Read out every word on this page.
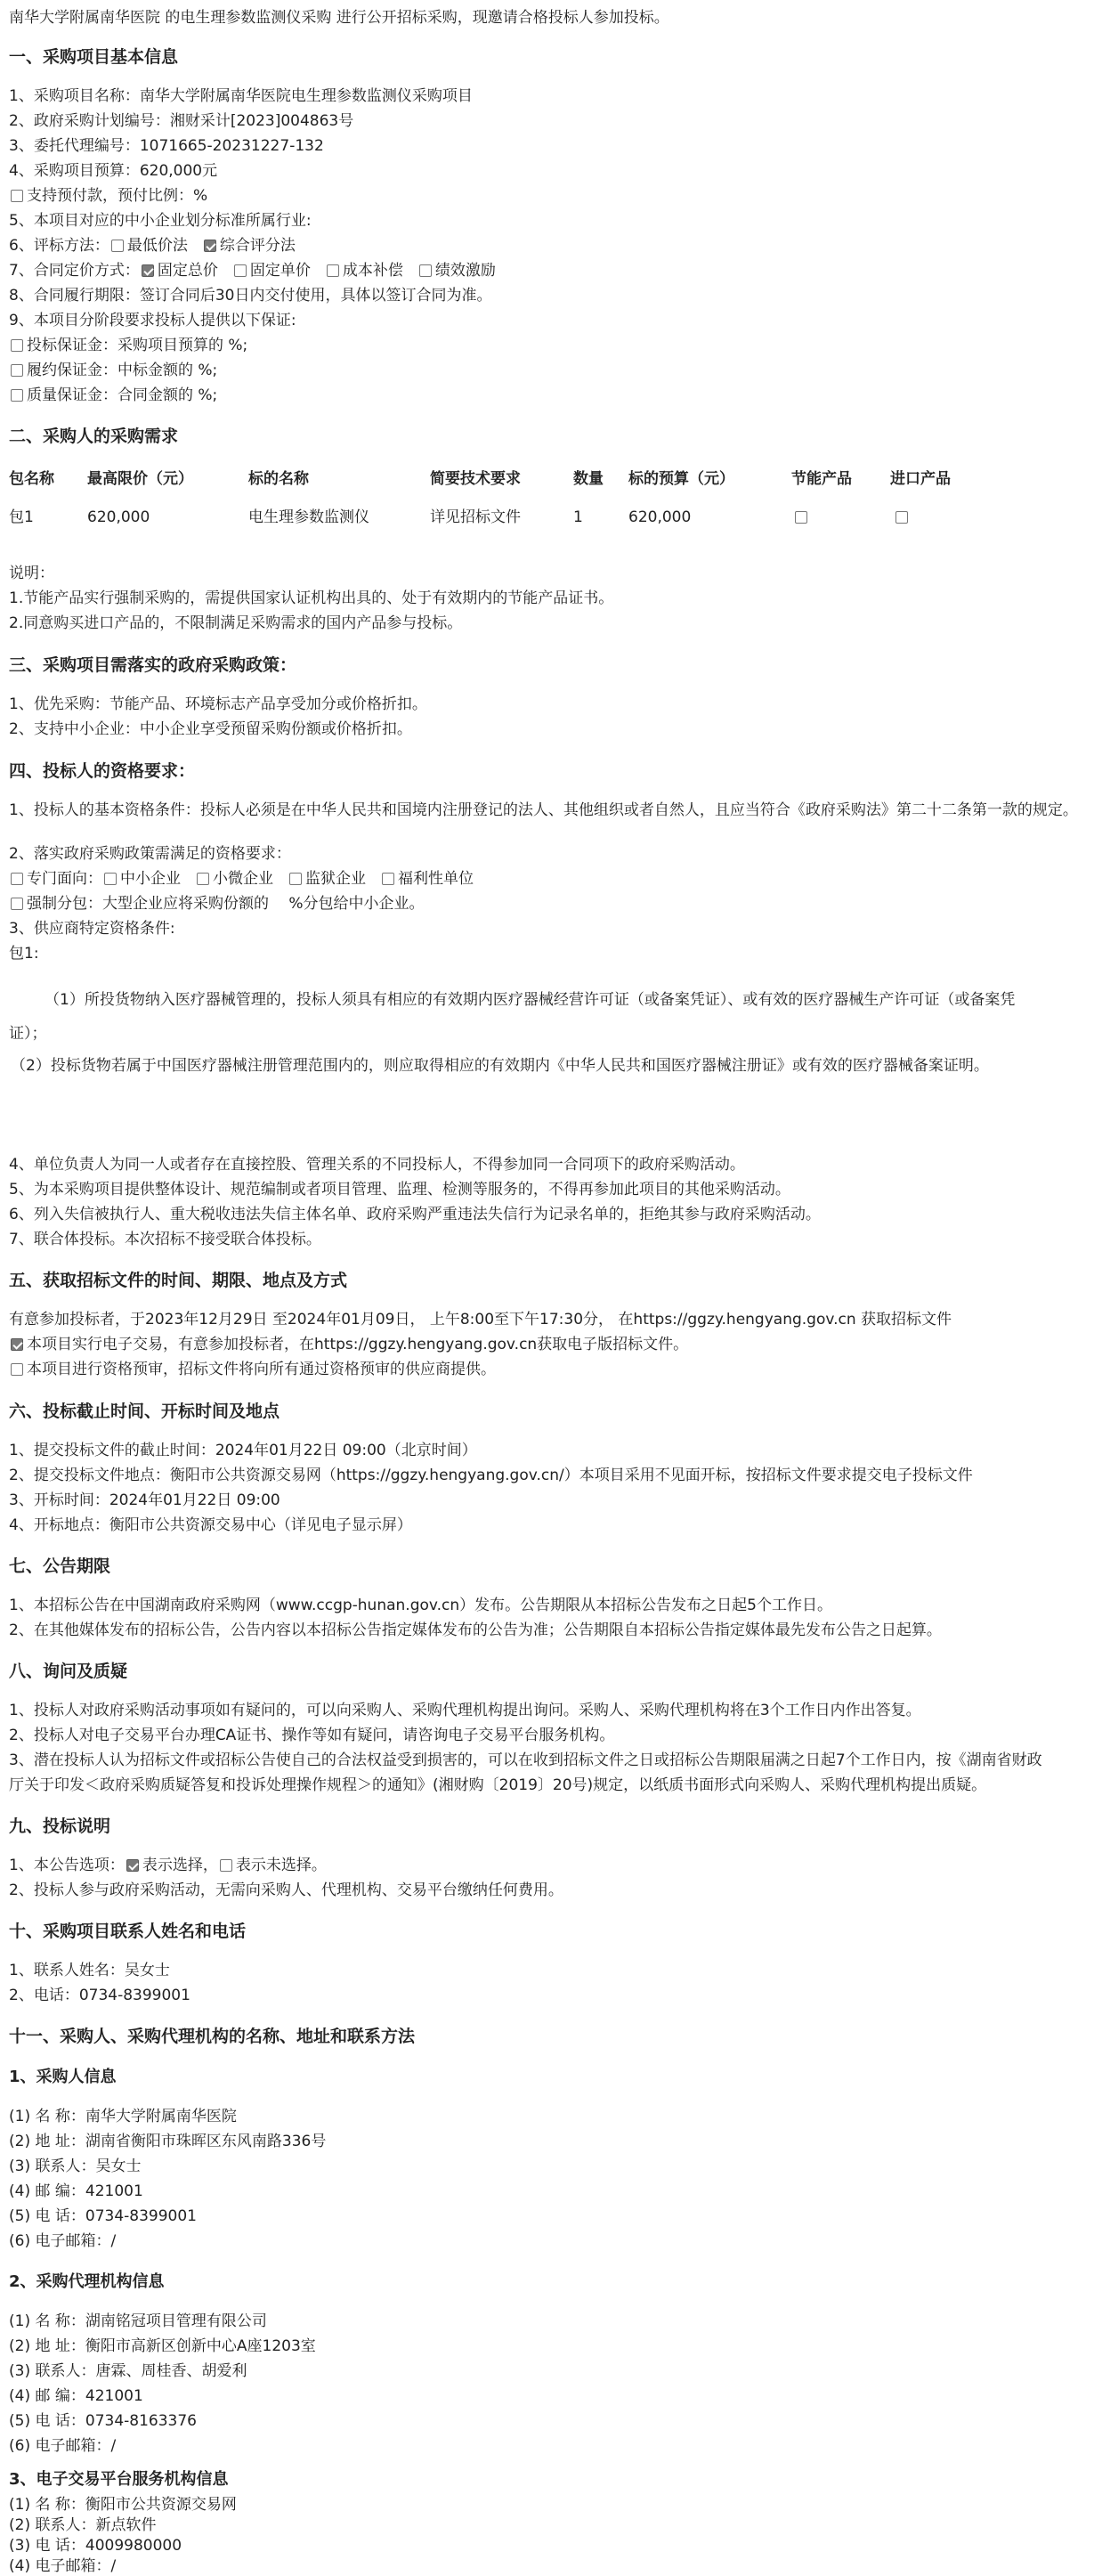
南华大学附属南华医院 的电生理参数监测仪采购 进行公开招标采购，现邀请合格投标人参加投标。
一、采购项目基本信息
1、采购项目名称：南华大学附属南华医院电生理参数监测仪采购项目
2、政府采购计划编号：湘财采计[2023]004863号
3、委托代理编号：1071665-20231227-132
4、采购项目预算：620,000元
支持预付款，预付比例：%
5、本项目对应的中小企业划分标准所属行业:
6、评标方法： 最低价法 综合评分法
7、合同定价方式： 固定总价 固定单价 成本补偿 绩效激励
8、合同履行期限：签订合同后30日内交付使用，具体以签订合同为准。
9、本项目分阶段要求投标人提供以下保证:
投标保证金：采购项目预算的 %;
履约保证金：中标金额的 %;
质量保证金：合同金额的 %;
二、采购人的采购需求
包名称 最高限价（元）	标的名称	简要技术要求	数量 标的预算（元）	节能产品	进口产品
包1	620,000	电生理参数监测仪	详见招标文件	1	620,000
说明：
1.节能产品实行强制采购的，需提供国家认证机构出具的、处于有效期内的节能产品证书。
2.同意购买进口产品的，不限制满足采购需求的国内产品参与投标。
三、采购项目需落实的政府采购政策：
1、优先采购：节能产品、环境标志产品享受加分或价格折扣。
2、支持中小企业：中小企业享受预留采购份额或价格折扣。
四、投标人的资格要求：
1、投标人的基本资格条件：投标人必须是在中华人民共和国境内注册登记的法人、其他组织或者自然人，且应当符合《政府采购法》第二十二条第一款的规定。
2、落实政府采购政策需满足的资格要求：
专门面向： 中小企业 小微企业 监狱企业 福利性单位
强制分包：大型企业应将采购份额的　 %分包给中小企业。
3、供应商特定资格条件:
包1:
（1）所投货物纳入医疗器械管理的，投标人须具有相应的有效期内医疗器械经营许可证（或备案凭证）、或有效的医疗器械生产许可证（或备案凭
证）；
（2）投标货物若属于中国医疗器械注册管理范围内的，则应取得相应的有效期内《中华人民共和国医疗器械注册证》或有效的医疗器械备案证明。
4、单位负责人为同一人或者存在直接控股、管理关系的不同投标人，不得参加同一合同项下的政府采购活动。
5、为本采购项目提供整体设计、规范编制或者项目管理、监理、检测等服务的，不得再参加此项目的其他采购活动。
6、列入失信被执行人、重大税收违法失信主体名单、政府采购严重违法失信行为记录名单的，拒绝其参与政府采购活动。
7、联合体投标。本次招标不接受联合体投标。
五、获取招标文件的时间、期限、地点及方式
有意参加投标者，于2023年12月29日 至2024年01月09日， 上午8:00至下午17:30分， 在https://ggzy.hengyang.gov.cn 获取招标文件
本项目实行电子交易，有意参加投标者，在https://ggzy.hengyang.gov.cn获取电子版招标文件。
本项目进行资格预审，招标文件将向所有通过资格预审的供应商提供。
六、投标截止时间、开标时间及地点
1、提交投标文件的截止时间：2024年01月22日 09:00（北京时间）
2、提交投标文件地点：衡阳市公共资源交易网（https://ggzy.hengyang.gov.cn/）本项目采用不见面开标，按招标文件要求提交电子投标文件
3、开标时间：2024年01月22日 09:00
4、开标地点：衡阳市公共资源交易中心（详见电子显示屏）
七、公告期限
1、本招标公告在中国湖南政府采购网（www.ccgp-hunan.gov.cn）发布。公告期限从本招标公告发布之日起5个工作日。
2、在其他媒体发布的招标公告，公告内容以本招标公告指定媒体发布的公告为准；公告期限自本招标公告指定媒体最先发布公告之日起算。
八、询问及质疑
1、投标人对政府采购活动事项如有疑问的，可以向采购人、采购代理机构提出询问。采购人、采购代理机构将在3个工作日内作出答复。
2、投标人对电子交易平台办理CA证书、操作等如有疑问，请咨询电子交易平台服务机构。
3、潜在投标人认为招标文件或招标公告使自己的合法权益受到损害的，可以在收到招标文件之日或招标公告期限届满之日起7个工作日内，按《湖南省财政
厅关于印发＜政府采购质疑答复和投诉处理操作规程＞的通知》(湘财购〔2019〕20号)规定，以纸质书面形式向采购人、采购代理机构提出质疑。
九、投标说明
1、本公告选项： 表示选择， 表示未选择。
2、投标人参与政府采购活动，无需向采购人、代理机构、交易平台缴纳任何费用。
十、采购项目联系人姓名和电话
1、联系人姓名：吴女士
2、电话：0734-8399001
十一、采购人、采购代理机构的名称、地址和联系方法
1、采购人信息
(1) 名 称：南华大学附属南华医院
(2) 地 址：湖南省衡阳市珠晖区东风南路336号
(3) 联系人：吴女士
(4) 邮 编：421001
(5) 电 话：0734-8399001
(6) 电子邮箱：/
2、采购代理机构信息
(1) 名 称：湖南铭冠项目管理有限公司
(2) 地 址：衡阳市高新区创新中心A座1203室
(3) 联系人：唐霖、周桂香、胡爱利
(4) 邮 编：421001
(5) 电 话：0734-8163376
(6) 电子邮箱：/
3、电子交易平台服务机构信息
(1) 名 称：衡阳市公共资源交易网
(2) 联系人：新点软件
(3) 电 话：4009980000
(4) 电子邮箱：/
